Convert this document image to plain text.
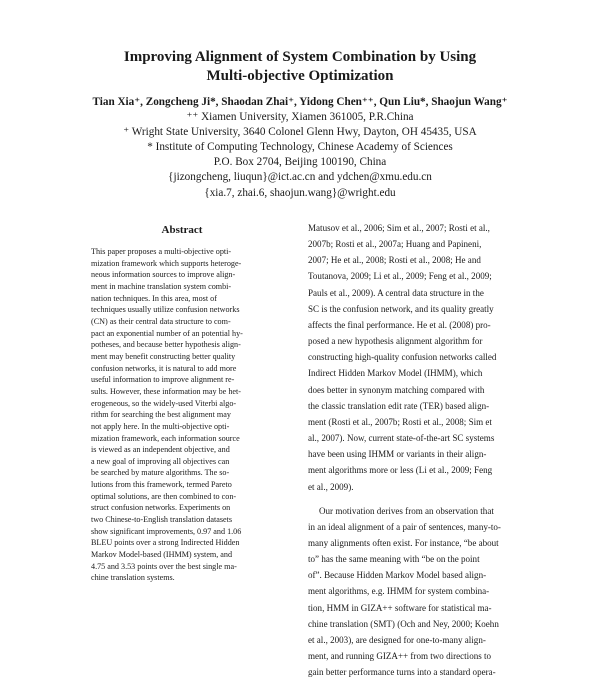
Improving Alignment of System Combination by Using
Multi-objective Optimization
Tian Xia⁺, Zongcheng Ji*, Shaodan Zhai⁺, Yidong Chen⁺⁺, Qun Liu*, Shaojun Wang⁺
⁺⁺ Xiamen University, Xiamen 361005, P.R.China
⁺ Wright State University, 3640 Colonel Glenn Hwy, Dayton, OH 45435, USA
* Institute of Computing Technology, Chinese Academy of Sciences
P.O. Box 2704, Beijing 100190, China
{jizongcheng, liuqun}@ict.ac.cn and ydchen@xmu.edu.cn
{xia.7, zhai.6, shaojun.wang}@wright.edu
Abstract
This paper proposes a multi-objective opti-
mization framework which supports heteroge-
neous information sources to improve align-
ment in machine translation system combi-
nation techniques. In this area, most of
techniques usually utilize confusion networks
(CN) as their central data structure to com-
pact an exponential number of an potential hy-
potheses, and because better hypothesis align-
ment may benefit constructing better quality
confusion networks, it is natural to add more
useful information to improve alignment re-
sults. However, these information may be het-
erogeneous, so the widely-used Viterbi algo-
rithm for searching the best alignment may
not apply here. In the multi-objective opti-
mization framework, each information source
is viewed as an independent objective, and
a new goal of improving all objectives can
be searched by mature algorithms. The so-
lutions from this framework, termed Pareto
optimal solutions, are then combined to con-
struct confusion networks. Experiments on
two Chinese-to-English translation datasets
show significant improvements, 0.97 and 1.06
BLEU points over a strong Indirected Hidden
Markov Model-based (IHMM) system, and
4.75 and 3.53 points over the best single ma-
chine translation systems.
Matusov et al., 2006; Sim et al., 2007; Rosti et al.,
2007b; Rosti et al., 2007a; Huang and Papineni,
2007; He et al., 2008; Rosti et al., 2008; He and
Toutanova, 2009; Li et al., 2009; Feng et al., 2009;
Pauls et al., 2009). A central data structure in the
SC is the confusion network, and its quality greatly
affects the final performance. He et al. (2008) pro-
posed a new hypothesis alignment algorithm for
constructing high-quality confusion networks called
Indirect Hidden Markov Model (IHMM), which
does better in synonym matching compared with
the classic translation edit rate (TER) based align-
ment (Rosti et al., 2007b; Rosti et al., 2008; Sim et
al., 2007). Now, current state-of-the-art SC systems
have been using IHMM or variants in their align-
ment algorithms more or less (Li et al., 2009; Feng
et al., 2009).
Our motivation derives from an observation that
in an ideal alignment of a pair of sentences, many-to-
many alignments often exist. For instance, “be about
to” has the same meaning with “be on the point
of”. Because Hidden Markov Model based align-
ment algorithms, e.g. IHMM for system combina-
tion, HMM in GIZA++ software for statistical ma-
chine translation (SMT) (Och and Ney, 2000; Koehn
et al., 2003), are designed for one-to-many align-
ment, and running GIZA++ from two directions to
gain better performance turns into a standard opera-
